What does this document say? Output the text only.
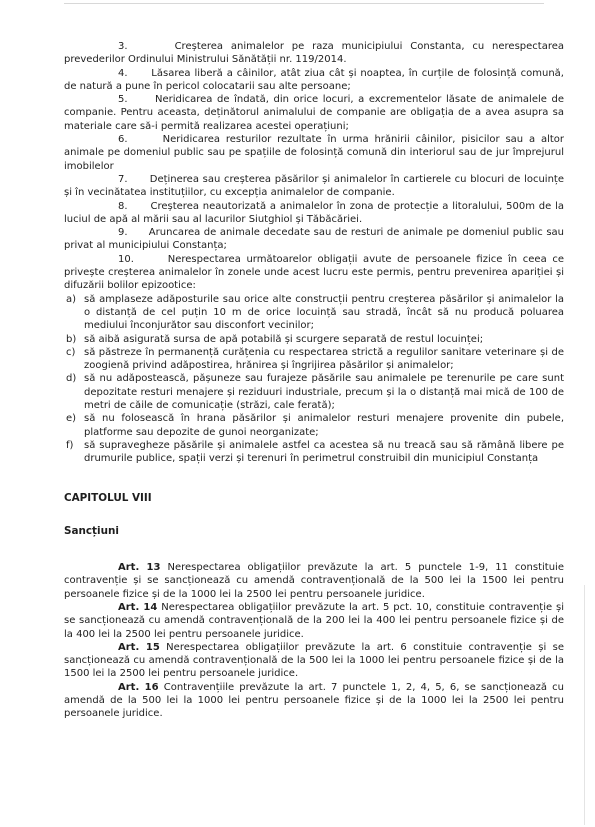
3.      Creșterea animalelor pe raza municipiului Constanta, cu nerespectarea prevederilor Ordinului Ministrului Sănătății nr. 119/2014.

4.      Lăsarea liberă a câinilor, atât ziua cât și noaptea, în curțile de folosință comună, de natură a pune în pericol colocatarii sau alte persoane;

5.      Neridicarea de îndată, din orice locuri, a excrementelor lăsate de animalele de companie. Pentru aceasta, deținătorul animalului de companie are obligația de a avea asupra sa materiale care să-i permită realizarea acestei operațiuni;

6.      Neridicarea resturilor rezultate în urma hrănirii câinilor, pisicilor sau a altor animale pe domeniul public sau pe spațiile de folosință comună din interiorul sau de jur împrejurul imobilelor

7.      Deținerea sau creșterea păsărilor și animalelor în cartierele cu blocuri de locuințe și în vecinătatea instituțiilor, cu excepția animalelor de companie.

8.      Creșterea neautorizată a animalelor în zona de protecție a litoralului, 500m de la luciul de apă al mării sau al lacurilor Siutghiol și Tăbăcăriei.

9.      Aruncarea de animale decedate sau de resturi de animale pe domeniul public sau privat al municipiului Constanța;

10.      Nerespectarea următoarelor obligații avute de persoanele fizice în ceea ce privește creșterea animalelor în zonele unde acest lucru este permis, pentru prevenirea apariției și difuzării bolilor epizootice:

a) să amplaseze adăposturile sau orice alte construcții pentru creșterea păsărilor și animalelor la o distanță de cel puțin 10 m de orice locuință sau stradă, încât să nu producă poluarea mediului înconjurător sau disconfort vecinilor;

b) să aibă asigurată sursa de apă potabilă și scurgere separată de restul locuinței;

c) să păstreze în permanență curățenia cu respectarea strictă a regulilor sanitare veterinare și de zoogienă privind adăpostirea, hrănirea și îngrijirea păsărilor și animalelor;

d) să nu adăpostească, pășuneze sau furajeze păsările sau animalele pe terenurile pe care sunt depozitate resturi menajere și reziduuri industriale, precum și la o distanță mai mică de 100 de metri de căile de comunicație (străzi, cale ferată);

e) să nu folosească în hrana păsărilor și animalelor resturi menajere provenite din pubele, platforme sau depozite de gunoi neorganizate;

f) să supravegheze păsările și animalele astfel ca acestea să nu treacă sau să rămână libere pe drumurile publice, spații verzi și terenuri în perimetrul construibil din municipiul Constanța

CAPITOLUL VIII

Sancțiuni

Art. 13 Nerespectarea obligațiilor prevăzute la art. 5 punctele 1-9, 11 constituie contravenție și se sancționează cu amendă contravențională de la 500 lei la 1500 lei pentru persoanele fizice și de la 1000 lei la 2500 lei pentru persoanele juridice.

Art. 14 Nerespectarea obligațiilor prevăzute la art. 5 pct. 10, constituie contravenție și se sancționează cu amendă contravențională de la 200 lei la 400 lei pentru persoanele fizice și de la 400 lei la 2500 lei pentru persoanele juridice.

Art. 15 Nerespectarea obligațiilor prevăzute la art. 6 constituie contravenție și se sancționează cu amendă contravențională de la 500 lei la 1000 lei pentru persoanele fizice și de la 1500 lei la 2500 lei pentru persoanele juridice.

Art. 16 Contravențiile prevăzute la art. 7 punctele 1, 2, 4, 5, 6, se sancționează cu amendă de la 500 lei la 1000 lei pentru persoanele fizice și de la 1000 lei la 2500 lei pentru persoanele juridice.
